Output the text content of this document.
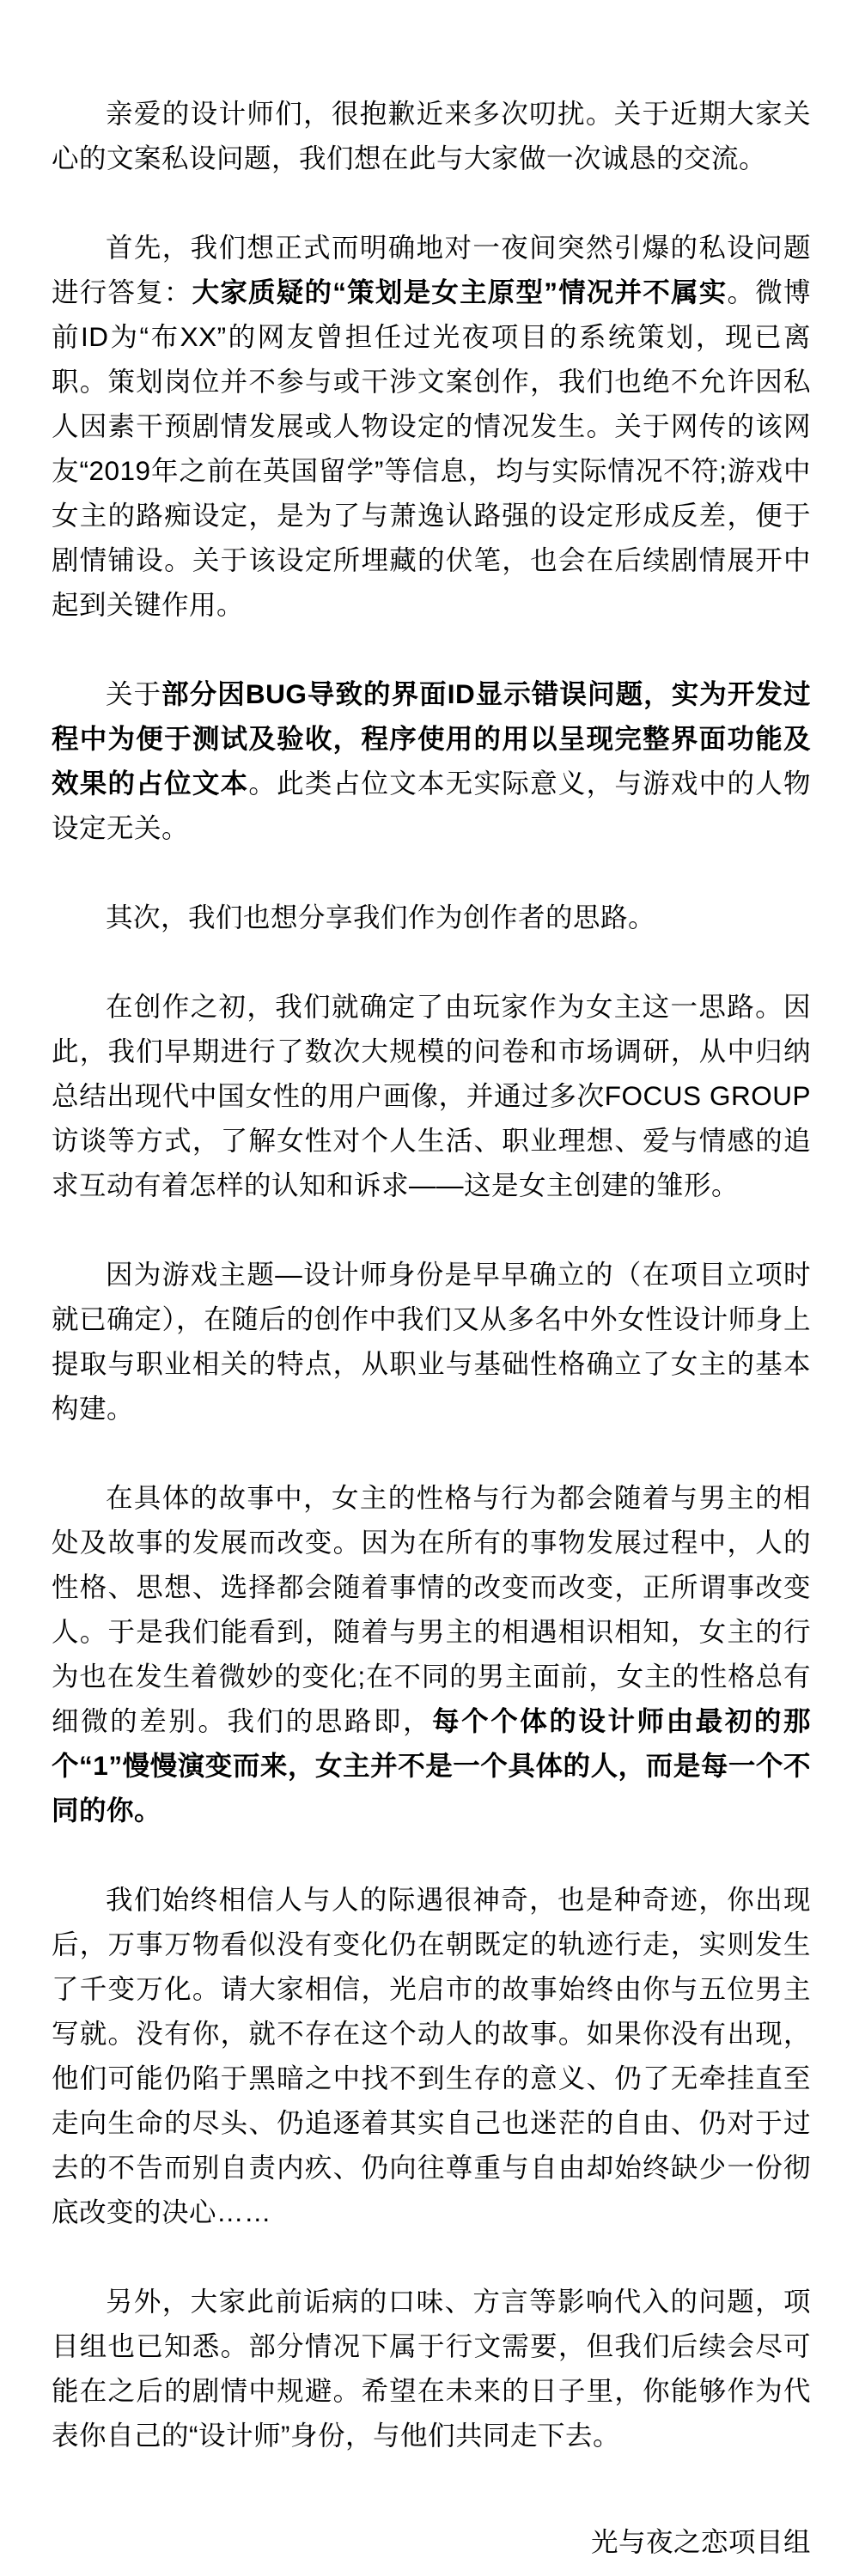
亲爱的设计师们，很抱歉近来多次叨扰。关于近期大家关心的文案私设问题，我们想在此与大家做一次诚恳的交流。

首先，我们想正式而明确地对一夜间突然引爆的私设问题进行答复：大家质疑的“策划是女主原型”情况并不属实。微博前ID为“布XX”的网友曾担任过光夜项目的系统策划，现已离职。策划岗位并不参与或干涉文案创作，我们也绝不允许因私人因素干预剧情发展或人物设定的情况发生。关于网传的该网友“2019年之前在英国留学”等信息，均与实际情况不符;游戏中女主的路痴设定，是为了与萧逸认路强的设定形成反差，便于剧情铺设。关于该设定所埋藏的伏笔，也会在后续剧情展开中起到关键作用。

关于部分因BUG导致的界面ID显示错误问题，实为开发过程中为便于测试及验收，程序使用的用以呈现完整界面功能及效果的占位文本。此类占位文本无实际意义，与游戏中的人物设定无关。

其次，我们也想分享我们作为创作者的思路。

在创作之初，我们就确定了由玩家作为女主这一思路。因此，我们早期进行了数次大规模的问卷和市场调研，从中归纳总结出现代中国女性的用户画像，并通过多次FOCUS GROUP访谈等方式，了解女性对个人生活、职业理想、爱与情感的追求互动有着怎样的认知和诉求——这是女主创建的雏形。

因为游戏主题—设计师身份是早早确立的（在项目立项时就已确定），在随后的创作中我们又从多名中外女性设计师身上提取与职业相关的特点，从职业与基础性格确立了女主的基本构建。

在具体的故事中，女主的性格与行为都会随着与男主的相处及故事的发展而改变。因为在所有的事物发展过程中，人的性格、思想、选择都会随着事情的改变而改变，正所谓事改变人。于是我们能看到，随着与男主的相遇相识相知，女主的行为也在发生着微妙的变化;在不同的男主面前，女主的性格总有细微的差别。我们的思路即，每个个体的设计师由最初的那个“1”慢慢演变而来，女主并不是一个具体的人，而是每一个不同的你。

我们始终相信人与人的际遇很神奇，也是种奇迹，你出现后，万事万物看似没有变化仍在朝既定的轨迹行走，实则发生了千变万化。请大家相信，光启市的故事始终由你与五位男主写就。没有你，就不存在这个动人的故事。如果你没有出现，他们可能仍陷于黑暗之中找不到生存的意义、仍了无牵挂直至走向生命的尽头、仍追逐着其实自己也迷茫的自由、仍对于过去的不告而别自责内疚、仍向往尊重与自由却始终缺少一份彻底改变的决心……

另外，大家此前诟病的口味、方言等影响代入的问题，项目组也已知悉。部分情况下属于行文需要，但我们后续会尽可能在之后的剧情中规避。希望在未来的日子里，你能够作为代表你自己的“设计师”身份，与他们共同走下去。

光与夜之恋项目组
